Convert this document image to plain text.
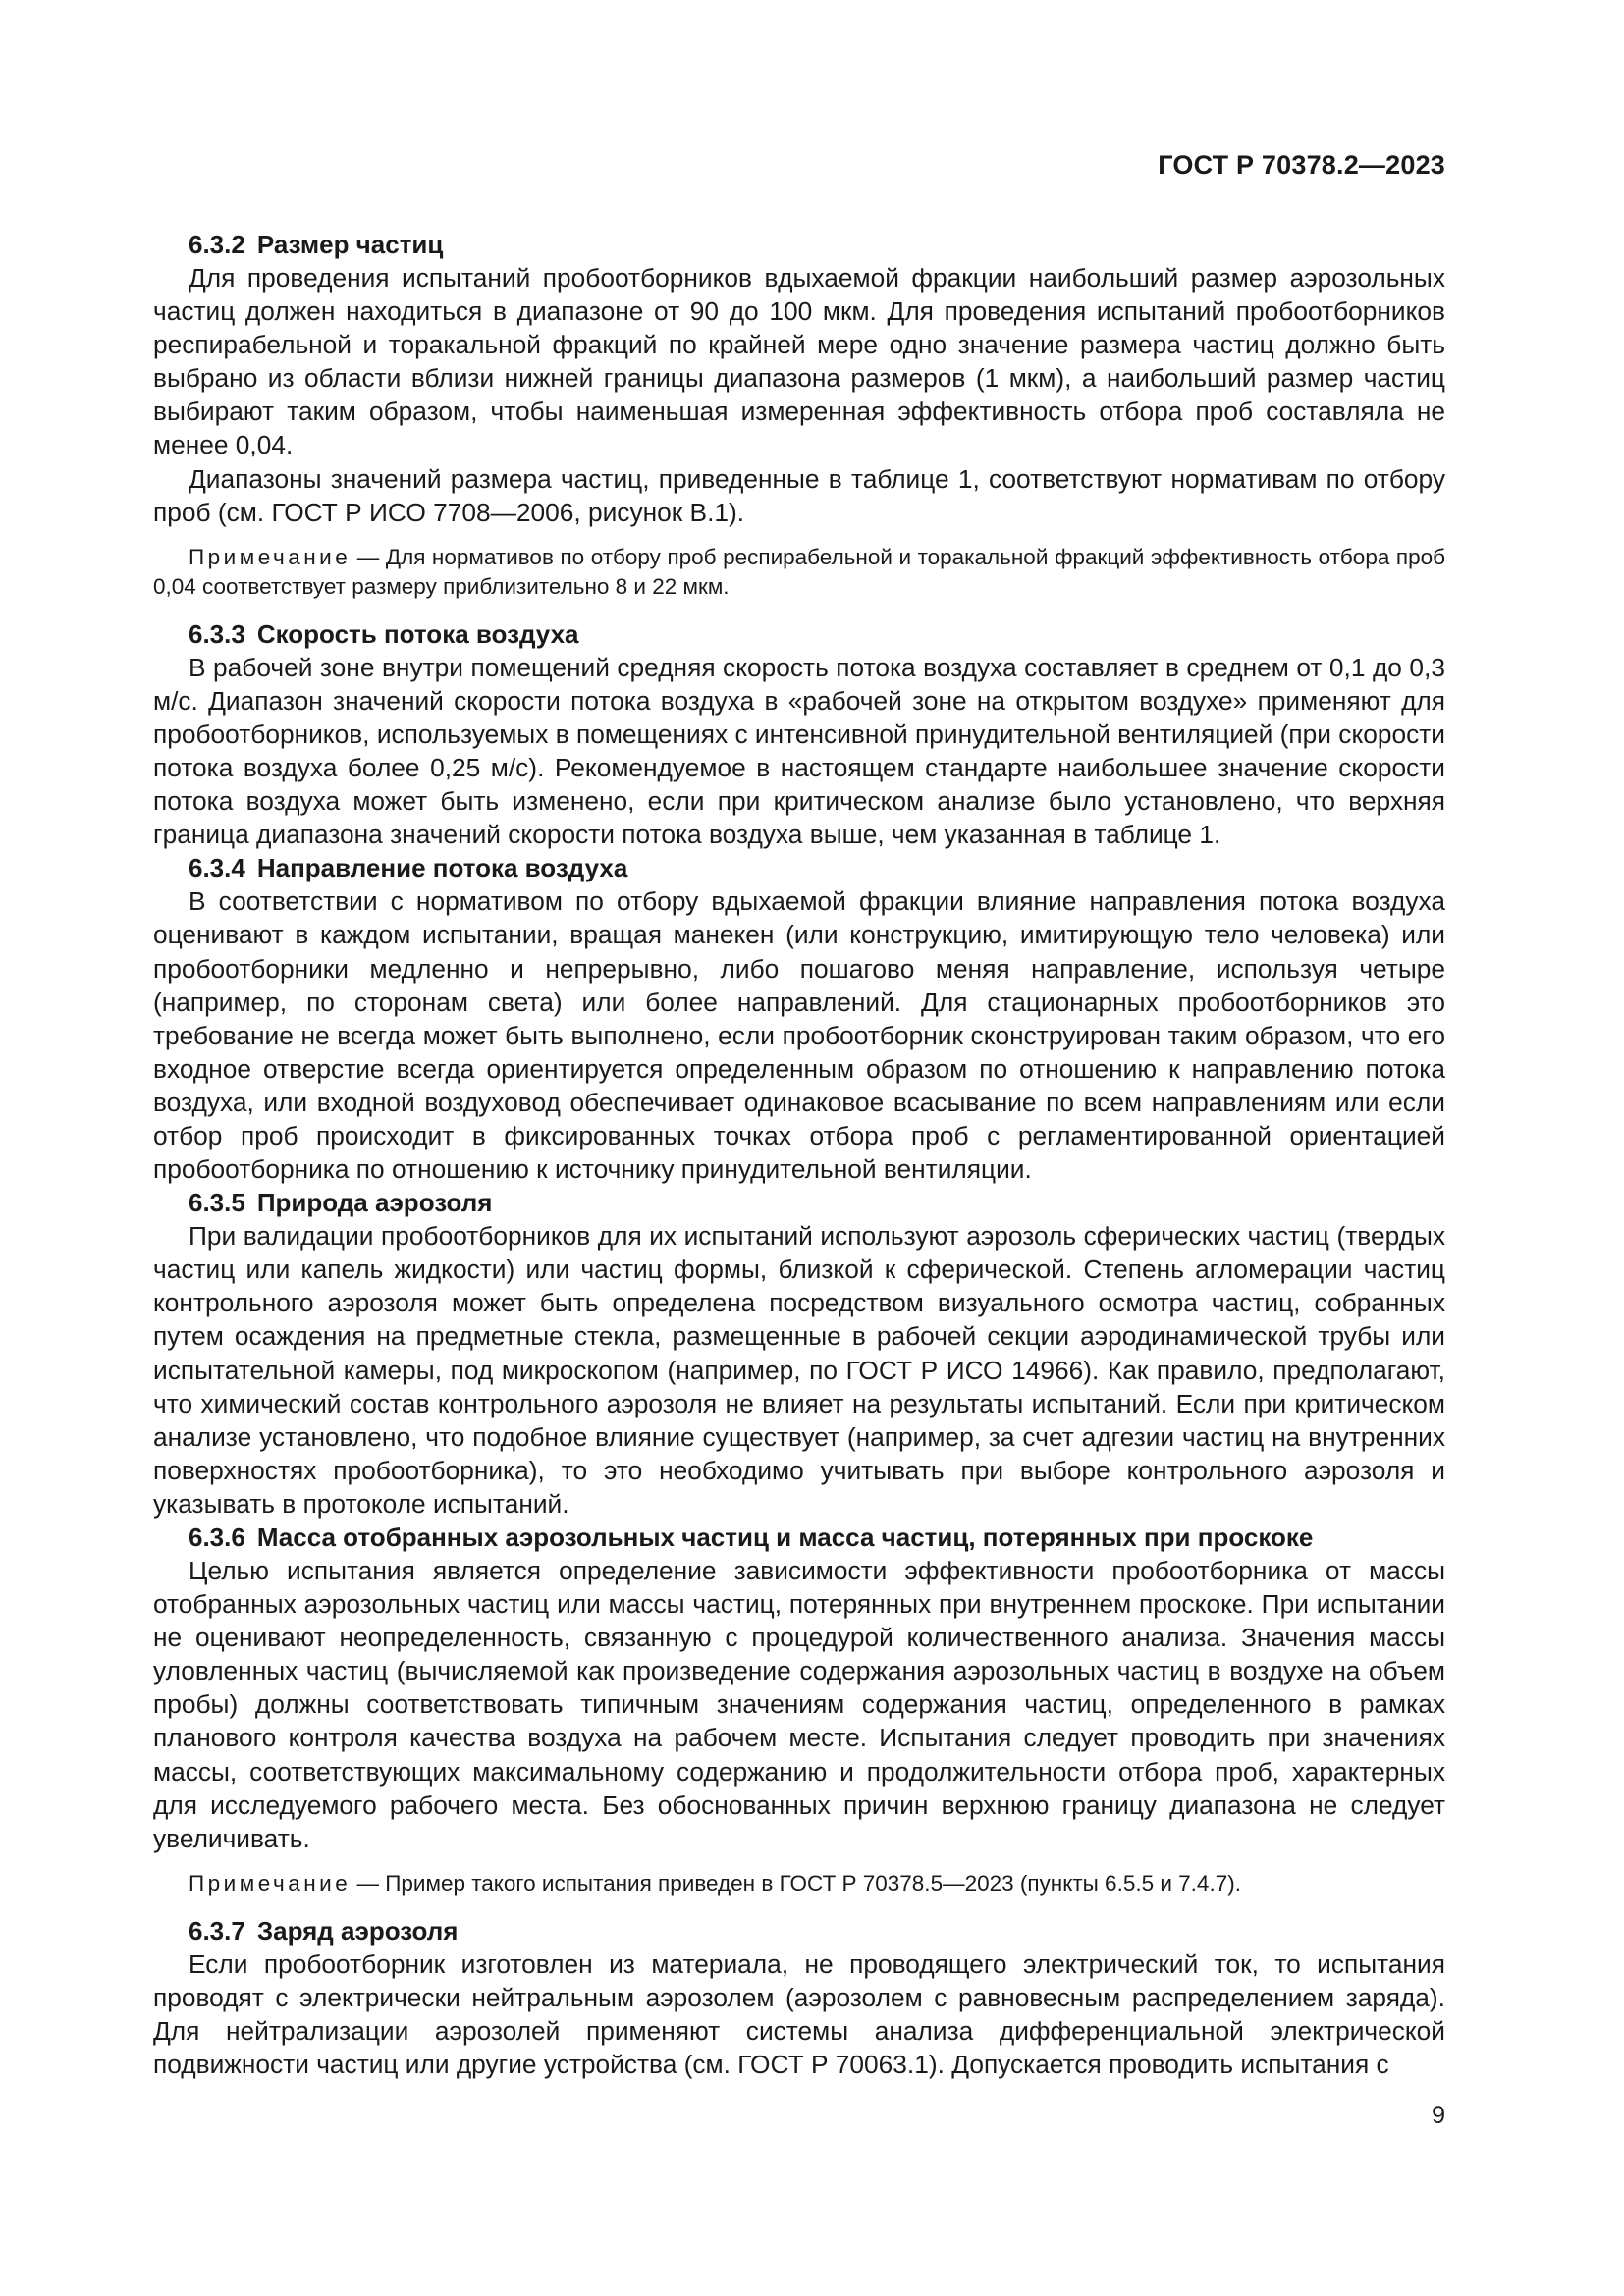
ГОСТ Р 70378.2—2023

6.3.2 Размер частиц

Для проведения испытаний пробоотборников вдыхаемой фракции наибольший размер аэрозольных частиц должен находиться в диапазоне от 90 до 100 мкм. Для проведения испытаний пробоотборников респирабельной и торакальной фракций по крайней мере одно значение размера частиц должно быть выбрано из области вблизи нижней границы диапазона размеров (1 мкм), а наибольший размер частиц выбирают таким образом, чтобы наименьшая измеренная эффективность отбора проб составляла не менее 0,04.

Диапазоны значений размера частиц, приведенные в таблице 1, соответствуют нормативам по отбору проб (см. ГОСТ Р ИСО 7708—2006, рисунок В.1).

Примечание — Для нормативов по отбору проб респирабельной и торакальной фракций эффективность отбора проб 0,04 соответствует размеру приблизительно 8 и 22 мкм.

6.3.3 Скорость потока воздуха

В рабочей зоне внутри помещений средняя скорость потока воздуха составляет в среднем от 0,1 до 0,3 м/с. Диапазон значений скорости потока воздуха в «рабочей зоне на открытом воздухе» применяют для пробоотборников, используемых в помещениях с интенсивной принудительной вентиляцией (при скорости потока воздуха более 0,25 м/с). Рекомендуемое в настоящем стандарте наибольшее значение скорости потока воздуха может быть изменено, если при критическом анализе было установлено, что верхняя граница диапазона значений скорости потока воздуха выше, чем указанная в таблице 1.

6.3.4 Направление потока воздуха

В соответствии с нормативом по отбору вдыхаемой фракции влияние направления потока воздуха оценивают в каждом испытании, вращая манекен (или конструкцию, имитирующую тело человека) или пробоотборники медленно и непрерывно, либо пошагово меняя направление, используя четыре (например, по сторонам света) или более направлений. Для стационарных пробоотборников это требование не всегда может быть выполнено, если пробоотборник сконструирован таким образом, что его входное отверстие всегда ориентируется определенным образом по отношению к направлению потока воздуха, или входной воздуховод обеспечивает одинаковое всасывание по всем направлениям или если отбор проб происходит в фиксированных точках отбора проб с регламентированной ориентацией пробоотборника по отношению к источнику принудительной вентиляции.

6.3.5 Природа аэрозоля

При валидации пробоотборников для их испытаний используют аэрозоль сферических частиц (твердых частиц или капель жидкости) или частиц формы, близкой к сферической. Степень агломерации частиц контрольного аэрозоля может быть определена посредством визуального осмотра частиц, собранных путем осаждения на предметные стекла, размещенные в рабочей секции аэродинамической трубы или испытательной камеры, под микроскопом (например, по ГОСТ Р ИСО 14966). Как правило, предполагают, что химический состав контрольного аэрозоля не влияет на результаты испытаний. Если при критическом анализе установлено, что подобное влияние существует (например, за счет адгезии частиц на внутренних поверхностях пробоотборника), то это необходимо учитывать при выборе контрольного аэрозоля и указывать в протоколе испытаний.

6.3.6 Масса отобранных аэрозольных частиц и масса частиц, потерянных при проскоке

Целью испытания является определение зависимости эффективности пробоотборника от массы отобранных аэрозольных частиц или массы частиц, потерянных при внутреннем проскоке. При испытании не оценивают неопределенность, связанную с процедурой количественного анализа. Значения массы уловленных частиц (вычисляемой как произведение содержания аэрозольных частиц в воздухе на объем пробы) должны соответствовать типичным значениям содержания частиц, определенного в рамках планового контроля качества воздуха на рабочем месте. Испытания следует проводить при значениях массы, соответствующих максимальному содержанию и продолжительности отбора проб, характерных для исследуемого рабочего места. Без обоснованных причин верхнюю границу диапазона не следует увеличивать.

Примечание — Пример такого испытания приведен в ГОСТ Р 70378.5—2023 (пункты 6.5.5 и 7.4.7).

6.3.7 Заряд аэрозоля

Если пробоотборник изготовлен из материала, не проводящего электрический ток, то испытания проводят с электрически нейтральным аэрозолем (аэрозолем с равновесным распределением заряда). Для нейтрализации аэрозолей применяют системы анализа дифференциальной электрической подвижности частиц или другие устройства (см. ГОСТ Р 70063.1). Допускается проводить испытания с

9
